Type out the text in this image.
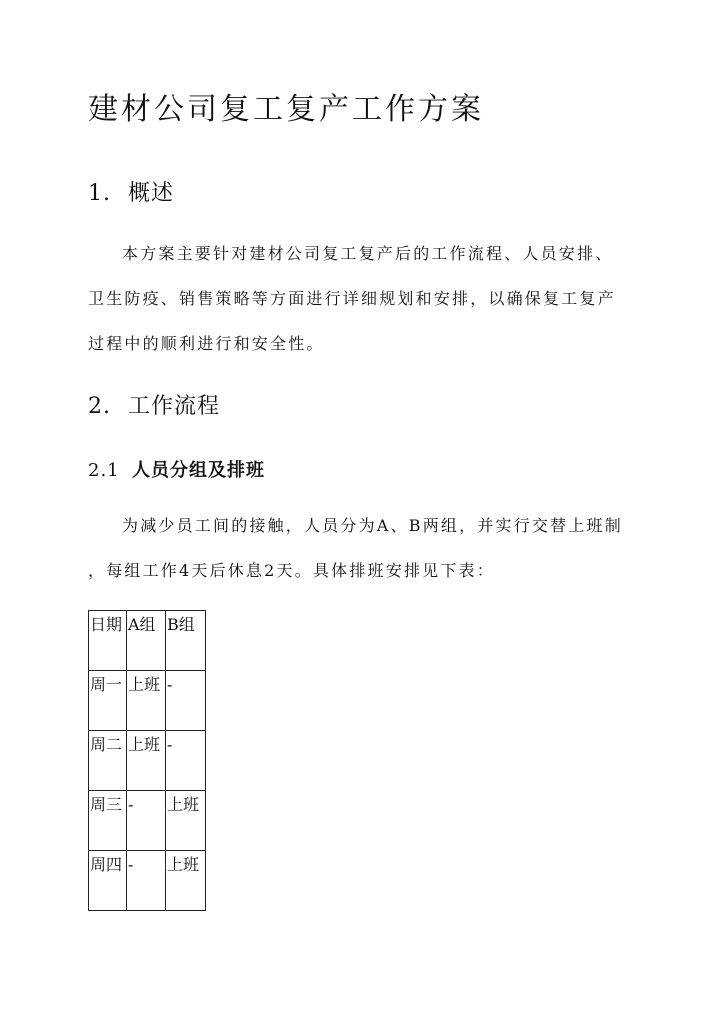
建材公司复工复产工作方案
1. 概述
本方案主要针对建材公司复工复产后的工作流程、人员安排、
卫生防疫、销售策略等方面进行详细规划和安排，以确保复工复产
过程中的顺利进行和安全性。
2. 工作流程
2.1 人员分组及排班
为减少员工间的接触，人员分为A、B两组，并实行交替上班制
，每组工作4天后休息2天。具体排班安排见下表：
日期	A组	B组
周一	上班	-
周二	上班	-
周三	-	上班
周四	-	上班
